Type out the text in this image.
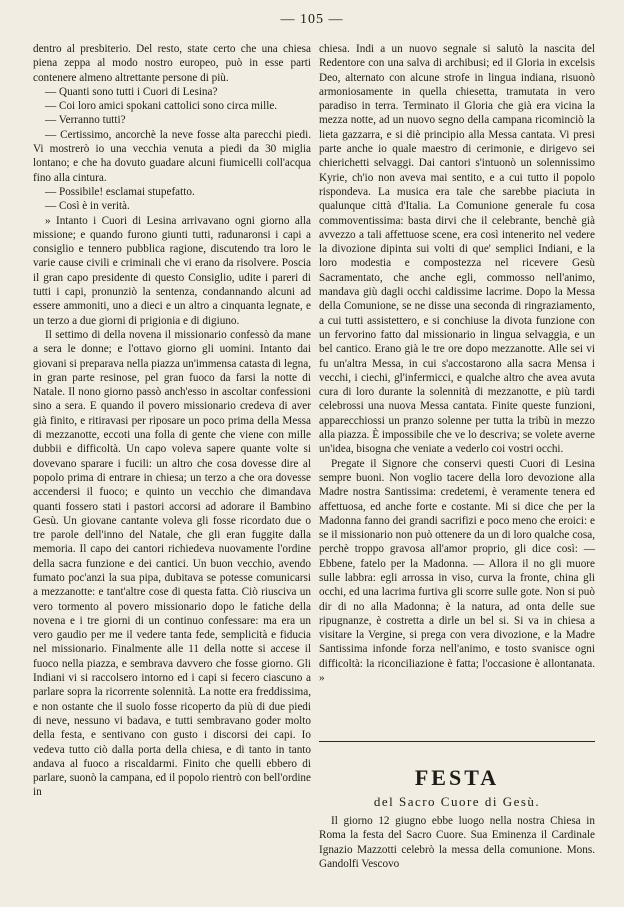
— 105 —

dentro al presbiterio. Del resto, state certo che una chiesa piena zeppa al modo nostro europeo, può in esse parti contenere almeno altrettante persone di più.

— Quanti sono tutti i Cuori di Lesina?

— Coi loro amici spokani cattolici sono circa mille.

— Verranno tutti?

— Certissimo, ancorchè la neve fosse alta parecchi piedi. Vi mostrerò io una vecchia venuta a piedi da 30 miglia lontano; e che ha dovuto guadare alcuni fiumicelli coll'acqua fino alla cintura.

— Possibile! esclamai stupefatto.

— Così è in verità.

» Intanto i Cuori di Lesina arrivavano ogni giorno alla missione; e quando furono giunti tutti, radunaronsi i capi a consiglio e tennero pubblica ragione, discutendo tra loro le varie cause civili e criminali che vi erano da risolvere. Poscia il gran capo presidente di questo Consiglio, udite i pareri di tutti i capi, pronunziò la sentenza, condannando alcuni ad essere ammoniti, uno a dieci e un altro a cinquanta legnate, e un terzo a due giorni di prigionia e di digiuno.

Il settimo di della novena il missionario confessò da mane a sera le donne; e l'ottavo giorno gli uomini. Intanto dai giovani si preparava nella piazza un'immensa catasta di legna, in gran parte resinose, pel gran fuoco da farsi la notte di Natale. Il nono giorno passò anch'esso in ascoltar confessioni sino a sera. E quando il povero missionario credeva di aver già finito, e ritiravasi per riposare un poco prima della Messa di mezzanotte, eccoti una folla di gente che viene con mille dubbii e difficoltà. Un capo voleva sapere quante volte si dovevano sparare i fucili: un altro che cosa dovesse dire al popolo prima di entrare in chiesa; un terzo a che ora dovesse accendersi il fuoco; e quinto un vecchio che dimandava quanti fossero stati i pastori accorsi ad adorare il Bambino Gesù. Un giovane cantante voleva gli fosse ricordato due o tre parole dell'inno del Natale, che gli eran fuggite dalla memoria. Il capo dei cantori richiedeva nuovamente l'ordine della sacra funzione e dei cantici. Un buon vecchio, avendo fumato poc'anzi la sua pipa, dubitava se potesse comunicarsi a mezzanotte: e tant'altre cose di questa fatta. Ciò riusciva un vero tormento al povero missionario dopo le fatiche della novena e i tre giorni di un continuo confessare: ma era un vero gaudio per me il vedere tanta fede, semplicità e fiducia nel missionario. Finalmente alle 11 della notte si accese il fuoco nella piazza, e sembrava davvero che fosse giorno. Gli Indiani vi si raccolsero intorno ed i capi si fecero ciascuno a parlare sopra la ricorrente solennità. La notte era freddissima, e non ostante che il suolo fosse ricoperto da più di due piedi di neve, nessuno vi badava, e tutti sembravano goder molto della festa, e sentivano con gusto i discorsi dei capi. Io vedeva tutto ciò dalla porta della chiesa, e di tanto in tanto andava al fuoco a riscaldarmi. Finito che quelli ebbero di parlare, suonò la campana, ed il popolo rientrò con bell'ordine in

chiesa. Indi a un nuovo segnale si salutò la nascita del Redentore con una salva di archibusi; ed il Gloria in excelsis Deo, alternato con alcune strofe in lingua indiana, risuonò armoniosamente in quella chiesetta, tramutata in vero paradiso in terra. Terminato il Gloria che già era vicina la mezza notte, ad un nuovo segno della campana ricominciò la lieta gazzarra, e si diè principio alla Messa cantata. Vi presi parte anche io quale maestro di cerimonie, e dirigevo sei chierichetti selvaggi. Dai cantori s'intuonò un solennissimo Kyrie, ch'io non aveva mai sentito, e a cui tutto il popolo rispondeva. La musica era tale che sarebbe piaciuta in qualunque città d'Italia. La Comunione generale fu cosa commoventissima: basta dirvi che il celebrante, benchè già avvezzo a tali affettuose scene, era così intenerito nel vedere la divozione dipinta sui volti di que' semplici Indiani, e la loro modestia e compostezza nel ricevere Gesù Sacramentato, che anche egli, commosso nell'animo, mandava giù dagli occhi caldissime lacrime. Dopo la Messa della Comunione, se ne disse una seconda di ringraziamento, a cui tutti assistettero, e si conchiuse la divota funzione con un fervorino fatto dal missionario in lingua selvaggia, e un bel cantico. Erano già le tre ore dopo mezzanotte. Alle sei vi fu un'altra Messa, in cui s'accostarono alla sacra Mensa i vecchi, i ciechi, gl'infermicci, e qualche altro che avea avuta cura di loro durante la solennità di mezzanotte, e più tardi celebrossi una nuova Messa cantata. Finite queste funzioni, apparecchiossi un pranzo solenne per tutta la tribù in mezzo alla piazza. È impossibile che ve lo descriva; se volete averne un'idea, bisogna che veniate a vederlo coi vostri occhi.

Pregate il Signore che conservi questi Cuori di Lesina sempre buoni. Non voglio tacere della loro devozione alla Madre nostra Santissima: credetemi, è veramente tenera ed affettuosa, ed anche forte e costante. Mi si dice che per la Madonna fanno dei grandi sacrifizi e poco meno che eroici: e se il missionario non può ottenere da un di loro qualche cosa, perchè troppo gravosa all'amor proprio, gli dice così: — Ebbene, fatelo per la Madonna. — Allora il no gli muore sulle labbra: egli arrossa in viso, curva la fronte, china gli occhi, ed una lacrima furtiva gli scorre sulle gote. Non si può dir di no alla Madonna; è la natura, ad onta delle sue ripugnanze, è costretta a dirle un bel si. Si va in chiesa a visitare la Vergine, si prega con vera divozione, e la Madre Santissima infonde forza nell'animo, e tosto svanisce ogni difficoltà: la riconciliazione è fatta; l'occasione è allontanata. »

FESTA
del Sacro Cuore di Gesù.

Il giorno 12 giugno ebbe luogo nella nostra Chiesa in Roma la festa del Sacro Cuore. Sua Eminenza il Cardinale Ignazio Mazzotti celebrò la messa della comunione. Mons. Gandolfi Vescovo
